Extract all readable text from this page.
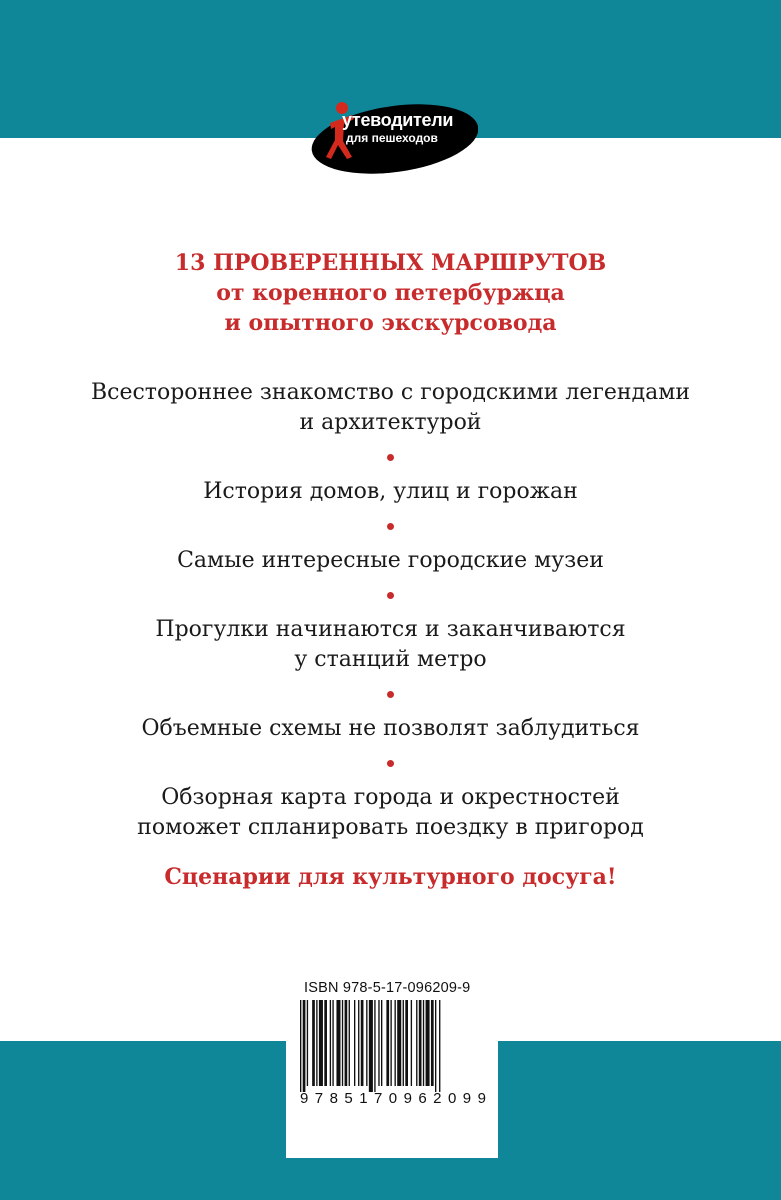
утеводители
для пешеходов
13 ПРОВЕРЕННЫХ МАРШРУТОВ
от коренного петербуржца
и опытного экскурсовода

Всестороннее знакомство с городскими легендами
и архитектурой

История домов, улиц и горожан

Самые интересные городские музеи

Прогулки начинаются и заканчиваются
у станций метро

Объемные схемы не позволят заблудиться

Обзорная карта города и окрестностей
поможет спланировать поездку в пригород

Сценарии для культурного досуга!
ISBN 978-5-17-096209-9
9 7 8 5 1 7 0 9 6 2 0 9 9
